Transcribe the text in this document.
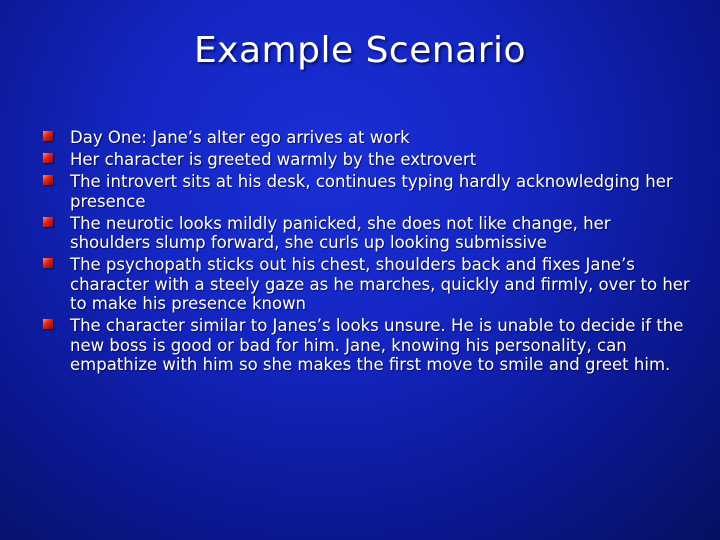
Example Scenario
Day One: Jane’s alter ego arrives at work
Her character is greeted warmly by the extrovert
The introvert sits at his desk, continues typing hardly acknowledging her presence
The neurotic looks mildly panicked, she does not like change, her shoulders slump forward, she curls up looking submissive
The psychopath sticks out his chest, shoulders back and fixes Jane’s character with a steely gaze as he marches, quickly and firmly, over to her to make his presence known
The character similar to Janes’s looks unsure. He is unable to decide if the new boss is good or bad for him. Jane, knowing his personality, can empathize with him so she makes the first move to smile and greet him.
